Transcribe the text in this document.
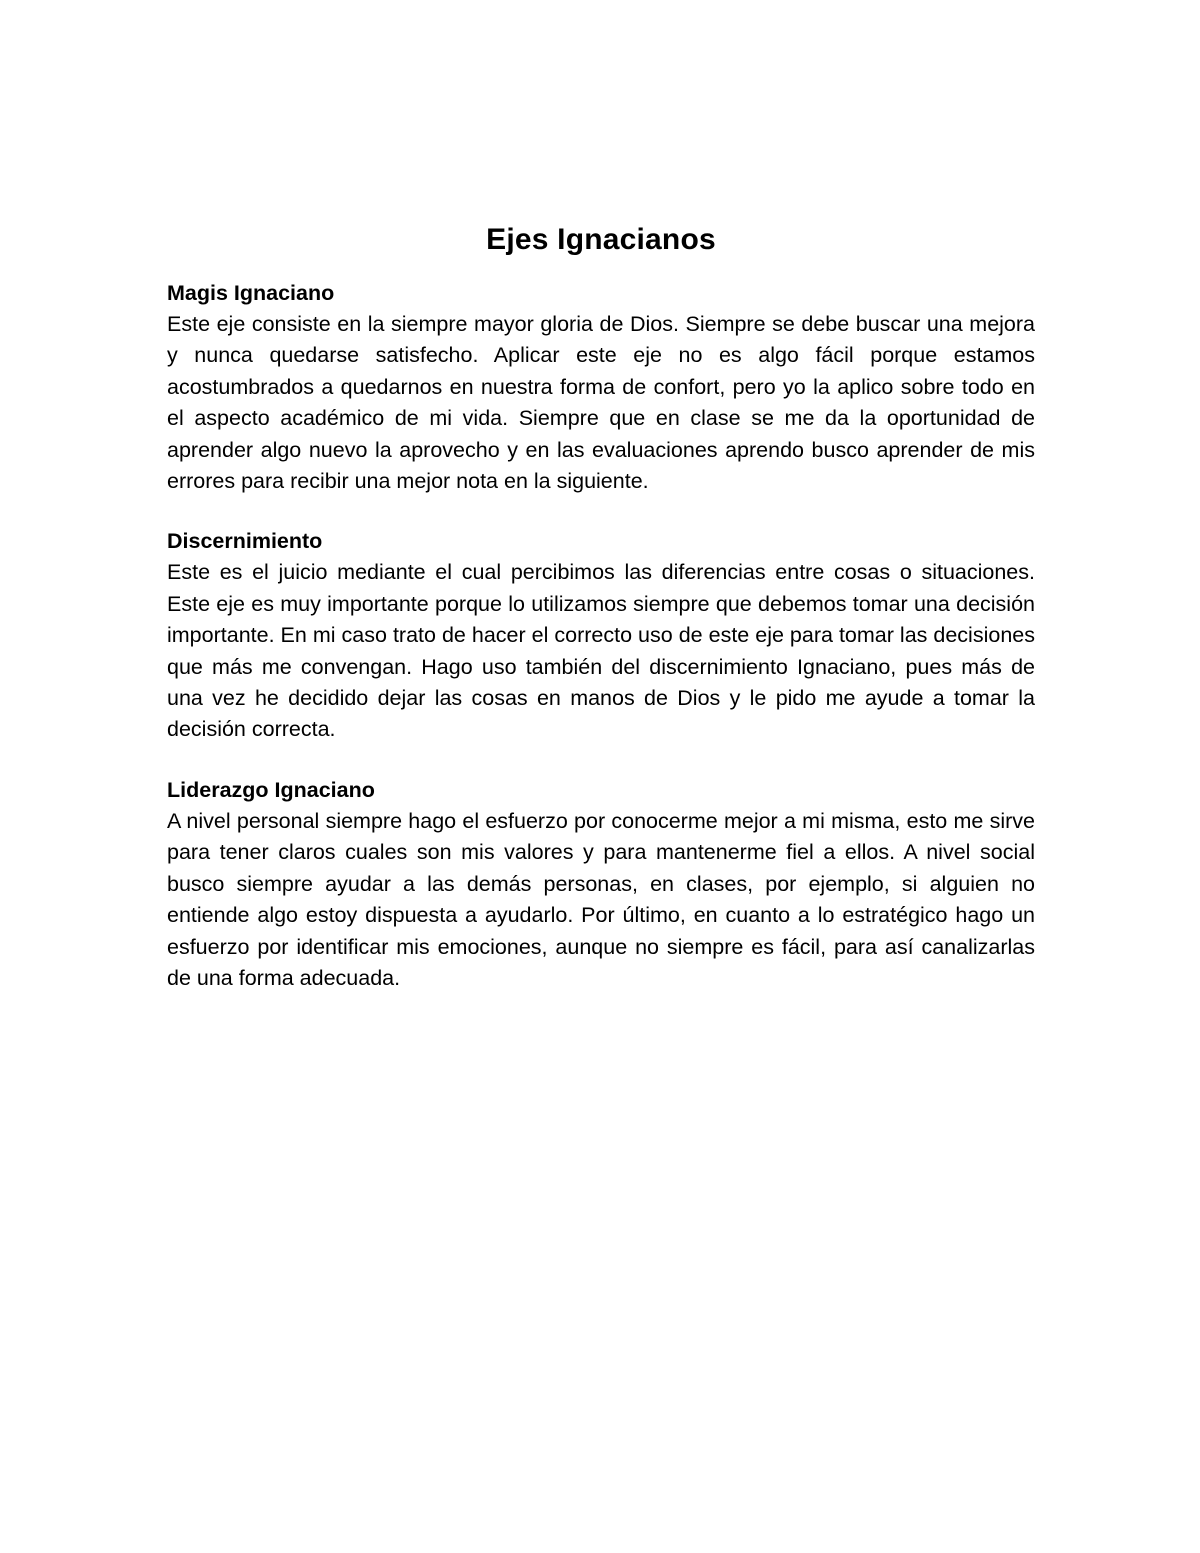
Ejes Ignacianos
Magis Ignaciano

Este eje consiste en la siempre mayor gloria de Dios. Siempre se debe buscar una mejora y nunca quedarse satisfecho. Aplicar este eje no es algo fácil porque estamos acostumbrados a quedarnos en nuestra forma de confort, pero yo la aplico sobre todo en el aspecto académico de mi vida. Siempre que en clase se me da la oportunidad de aprender algo nuevo la aprovecho y en las evaluaciones aprendo busco aprender de mis errores para recibir una mejor nota en la siguiente.

Discernimiento

Este es el juicio mediante el cual percibimos las diferencias entre cosas o situaciones. Este eje es muy importante porque lo utilizamos siempre que debemos tomar una decisión importante. En mi caso trato de hacer el correcto uso de este eje para tomar las decisiones que más me convengan. Hago uso también del discernimiento Ignaciano, pues más de una vez he decidido dejar las cosas en manos de Dios y le pido me ayude a tomar la decisión correcta.

Liderazgo Ignaciano

A nivel personal siempre hago el esfuerzo por conocerme mejor a mi misma, esto me sirve para tener claros cuales son mis valores y para mantenerme fiel a ellos. A nivel social busco siempre ayudar a las demás personas, en clases, por ejemplo, si alguien no entiende algo estoy dispuesta a ayudarlo. Por último, en cuanto a lo estratégico hago un esfuerzo por identificar mis emociones, aunque no siempre es fácil, para así canalizarlas de una forma adecuada.
